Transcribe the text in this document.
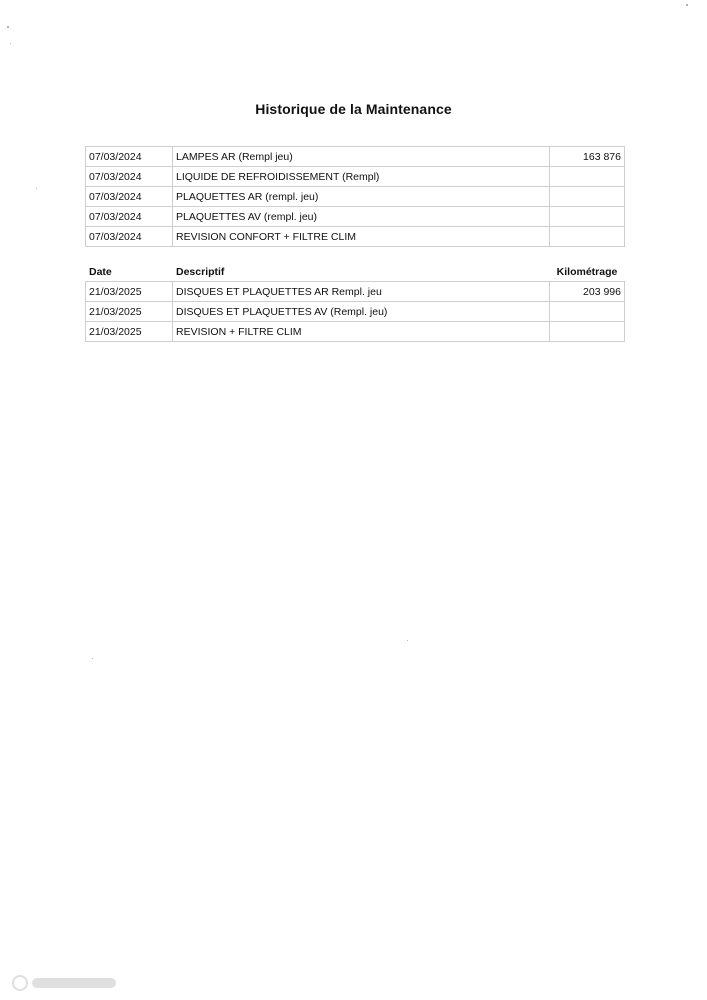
Historique de la Maintenance
07/03/2024	LAMPES AR (Rempl jeu)	163 876
07/03/2024	LIQUIDE DE REFROIDISSEMENT (Rempl)	
07/03/2024	PLAQUETTES AR (rempl. jeu)	
07/03/2024	PLAQUETTES AV (rempl. jeu)	
07/03/2024	REVISION CONFORT + FILTRE CLIM	
Date	Descriptif	Kilométrage
21/03/2025	DISQUES ET PLAQUETTES AR Rempl. jeu	203 996
21/03/2025	DISQUES ET PLAQUETTES AV (Rempl. jeu)	
21/03/2025	REVISION + FILTRE CLIM	
